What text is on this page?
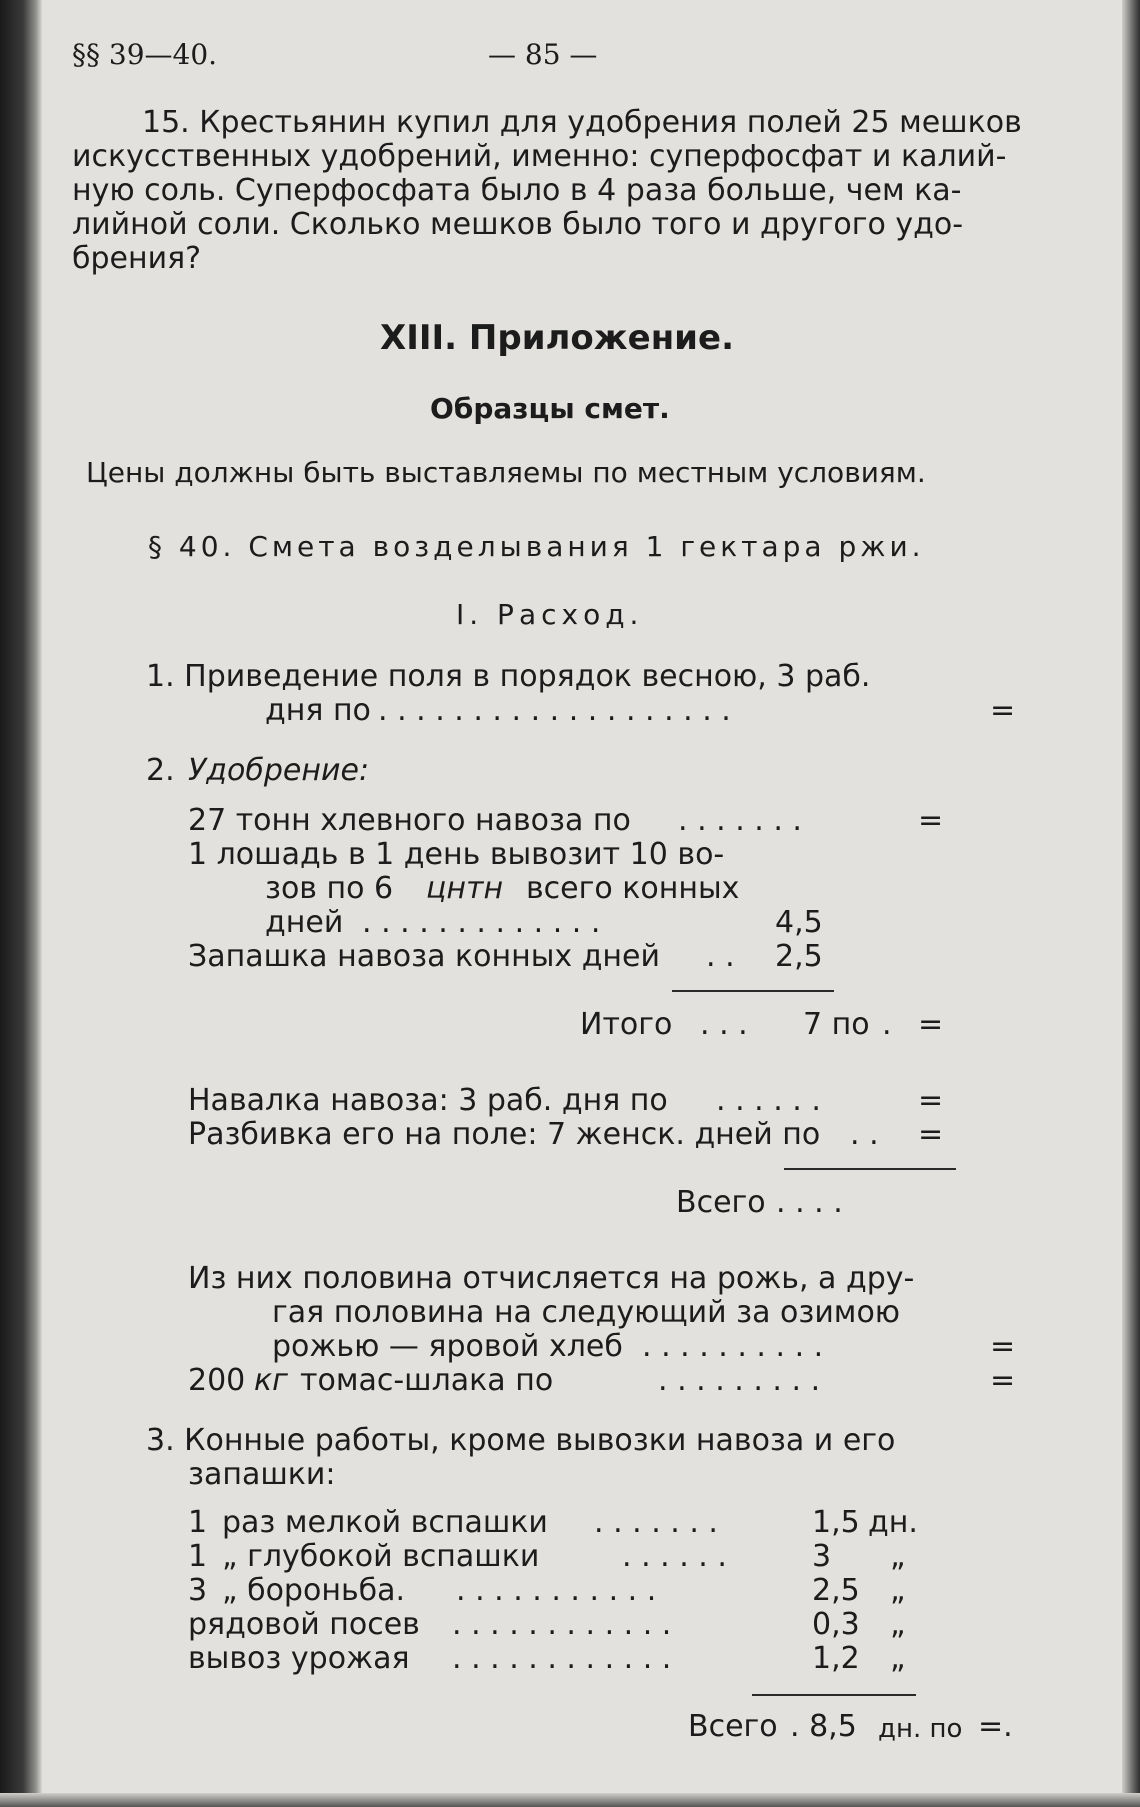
§§ 39—40.	— 85 —
15. Крестьянин купил для удобрения полей 25 мешков
искусственных удобрений, именно: суперфосфат и калий-
ную соль. Суперфосфата было в 4 раза больше, чем ка-
лийной соли. Сколько мешков было того и другого удо-
брения?
XIII. Приложение.
Образцы смет.
Цены должны быть выставляемы по местным условиям.
§ 40. Смета возделывания 1 гектара ржи.
I. Расход.
1. Приведение поля в порядок весною, 3 раб.
дня по . . . . . . . . . . . . . . . . . . .	=
2. Удобрение:
27 тонн хлевного навоза по . . . . . . .	=
1 лошадь в 1 день вывозит 10 во-
зов по 6 цнтн всего конных
дней . . . . . . . . . . . . .	4,5
Запашка навоза конных дней . . 2,5
Итого . . . 7 по . =
Навалка навоза: 3 раб. дня по . . . . . .	=
Разбивка его на поле: 7 женск. дней по . . =
Всего . . . .
Из них половина отчисляется на рожь, а дру-
гая половина на следующий за озимою
рожью — яровой хлеб . . . . . . . . . .	=
200 кг томас-шлака по	. . . . . . . . .	=
3. Конные работы, кроме вывозки навоза и его
запашки:
1 раз мелкой вспашки . . . . . . .	1,5 дн.
1 „ глубокой вспашки	. . . . . .	3 „
3 „ бороньба. . . . . . . . . . . .	2,5 „
рядовой посев . . . . . . . . . . . .	0,3 „
вывоз урожая . . . . . . . . . . . .	1,2 „
Всего . 8,5 дн. по =.
